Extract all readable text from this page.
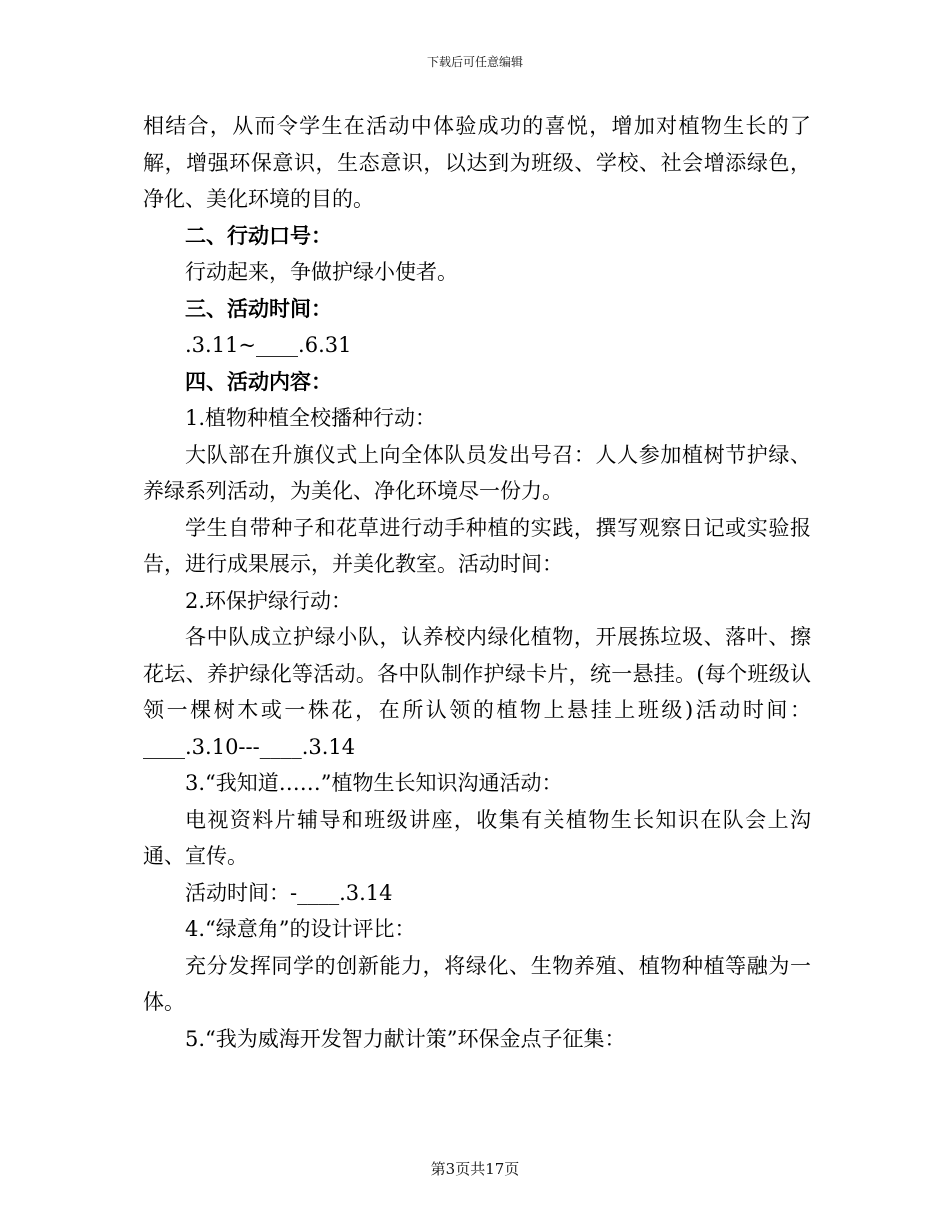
下载后可任意编辑

相结合，从而令学生在活动中体验成功的喜悦，增加对植物生长的了解，增强环保意识，生态意识，以达到为班级、学校、社会增添绿色，净化、美化环境的目的。

二、行动口号：

行动起来，争做护绿小使者。

三、活动时间：

.3.11~____.6.31

四、活动内容：

1.植物种植全校播种行动：

大队部在升旗仪式上向全体队员发出号召：人人参加植树节护绿、养绿系列活动，为美化、净化环境尽一份力。

学生自带种子和花草进行动手种植的实践，撰写观察日记或实验报告，进行成果展示，并美化教室。活动时间：

2.环保护绿行动：

各中队成立护绿小队，认养校内绿化植物，开展拣垃圾、落叶、擦花坛、养护绿化等活动。各中队制作护绿卡片，统一悬挂。(每个班级认领一棵树木或一株花，在所认领的植物上悬挂上班级)活动时间：____.3.10---____.3.14

3.“我知道……”植物生长知识沟通活动：

电视资料片辅导和班级讲座，收集有关植物生长知识在队会上沟通、宣传。

活动时间：-____.3.14

4.“绿意角”的设计评比：

充分发挥同学的创新能力，将绿化、生物养殖、植物种植等融为一体。

5.“我为威海开发智力献计策”环保金点子征集：

第3页共17页
